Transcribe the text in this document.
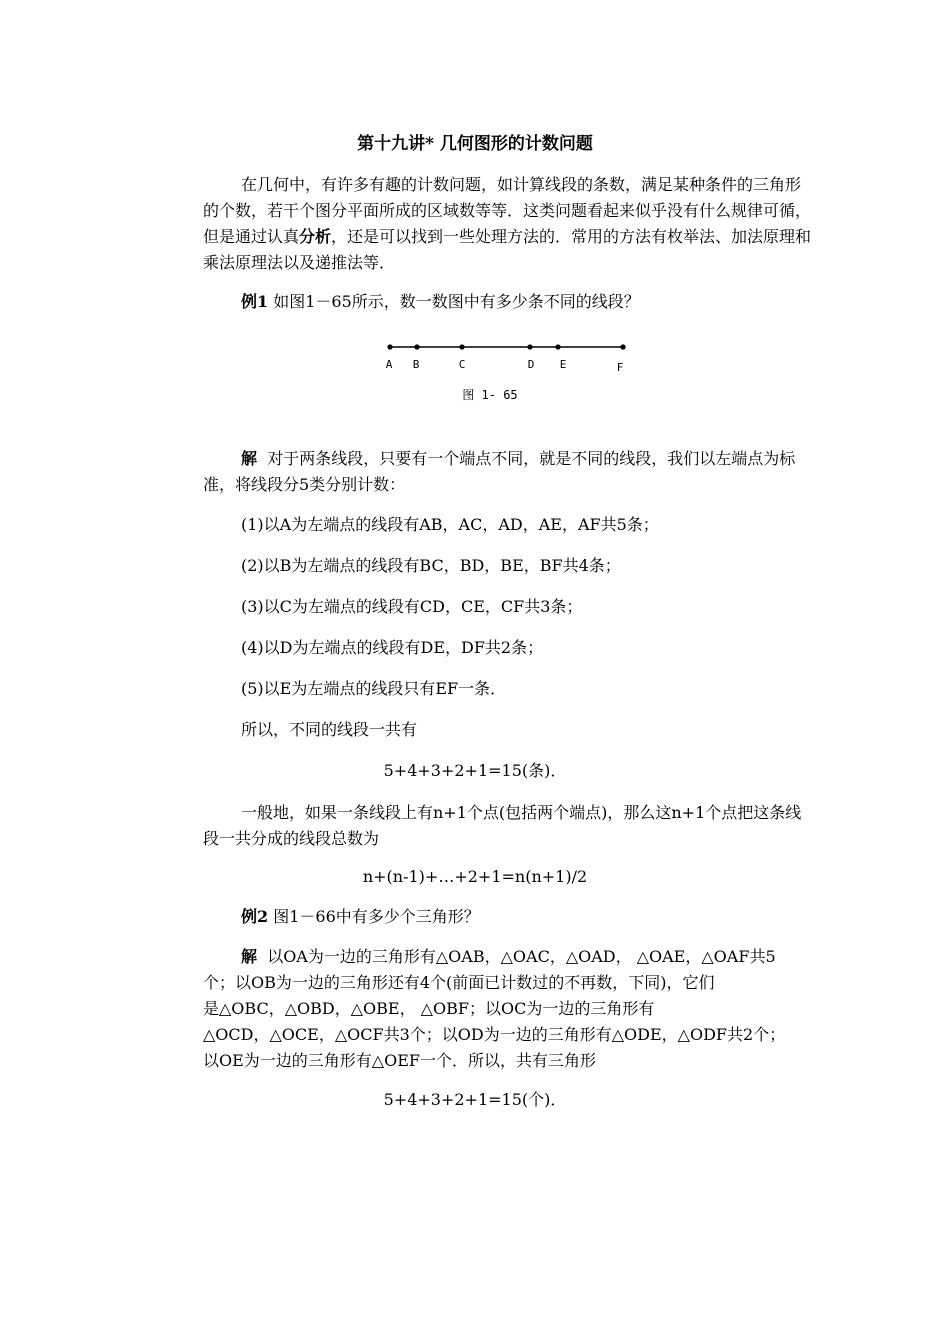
第十九讲* 几何图形的计数问题
在几何中，有许多有趣的计数问题，如计算线段的条数，满足某种条件的三角形的个数，若干个图分平面所成的区域数等等．这类问题看起来似乎没有什么规律可循，但是通过认真分析，还是可以找到一些处理方法的．常用的方法有枚举法、加法原理和乘法原理法以及递推法等．
例1 如图1－65所示，数一数图中有多少条不同的线段？
A B	C	D E	F
图 1- 65
解 对于两条线段，只要有一个端点不同，就是不同的线段，我们以左端点为标准，将线段分5类分别计数：
(1)以A为左端点的线段有AB，AC，AD，AE，AF共5条；
(2)以B为左端点的线段有BC，BD，BE，BF共4条；
(3)以C为左端点的线段有CD，CE，CF共3条；
(4)以D为左端点的线段有DE，DF共2条；
(5)以E为左端点的线段只有EF一条．
所以，不同的线段一共有
5+4+3+2+1=15(条)．
一般地，如果一条线段上有n+1个点(包括两个端点)，那么这n+1个点把这条线段一共分成的线段总数为
n+(n-1)+…+2+1=n(n+1)/2
例2 图1－66中有多少个三角形？
解 以OA为一边的三角形有△OAB，△OAC，△OAD， △OAE，△OAF共5
个；以OB为一边的三角形还有4个(前面已计数过的不再数，下同)，它们
是△OBC，△OBD，△OBE， △OBF；以OC为一边的三角形有
△OCD，△OCE，△OCF共3个；以OD为一边的三角形有△ODE，△ODF共2个；
以OE为一边的三角形有△OEF一个．所以，共有三角形
5+4+3+2+1=15(个)．
